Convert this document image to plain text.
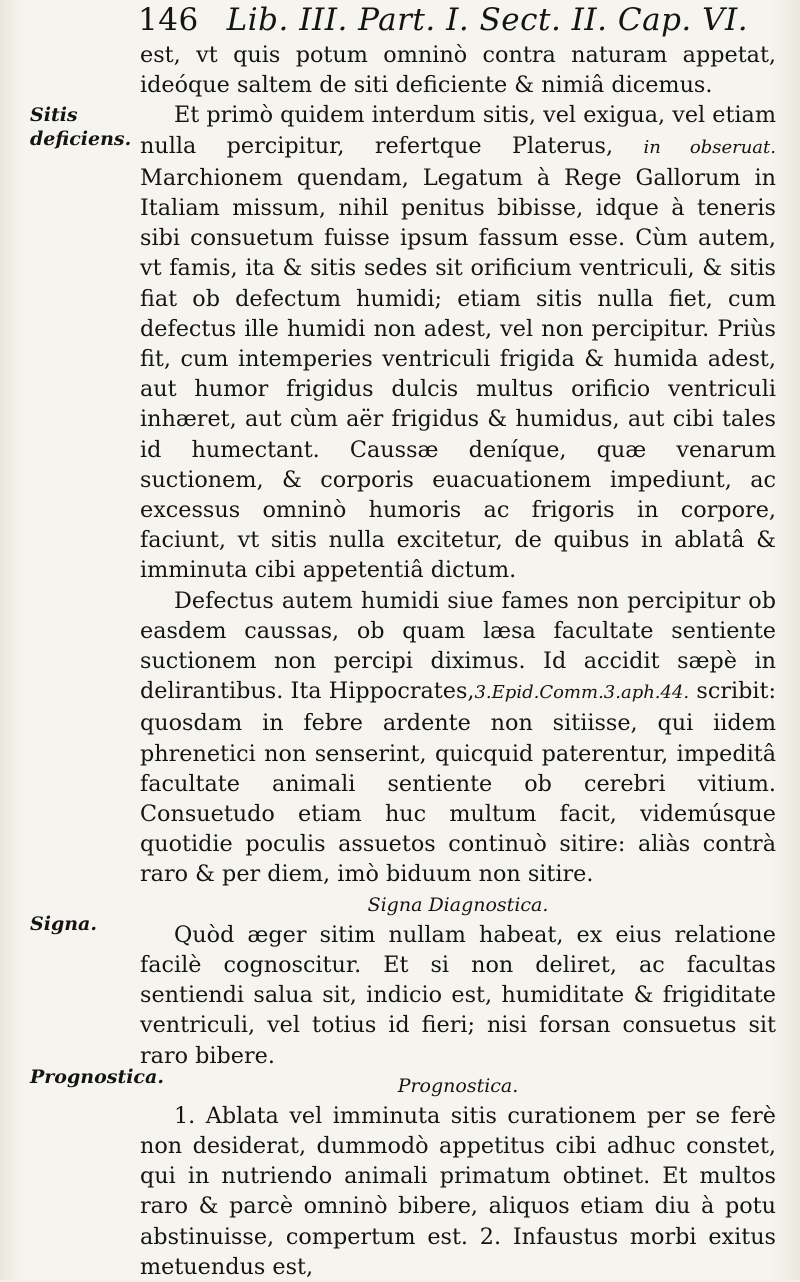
146 Lib. III. Part. I. Sect. II. Cap. VI.
Sitis deficiens.
Signa.
Prognostica.

est, vt quis potum omninò contra naturam appetat, ideóque saltem de siti deficiente & nimiâ dicemus.

Et primò quidem interdum sitis, vel exigua, vel etiam nulla percipitur, refertque Platerus, in obseruat. Marchionem quendam, Legatum à Rege Gallorum in Italiam missum, nihil penitus bibisse, idque à teneris sibi consuetum fuisse ipsum fassum esse. Cùm autem, vt famis, ita & sitis sedes sit orificium ventriculi, & sitis fiat ob defectum humidi; etiam sitis nulla fiet, cum defectus ille humidi non adest, vel non percipitur. Priùs fit, cum intemperies ventriculi frigida & humida adest, aut humor frigidus dulcis multus orificio ventriculi inhæret, aut cùm aër frigidus & humidus, aut cibi tales id humectant. Caussæ deníque, quæ venarum suctionem, & corporis euacuationem impediunt, ac excessus omninò humoris ac frigoris in corpore, faciunt, vt sitis nulla excitetur, de quibus in ablatâ & imminuta cibi appetentiâ dictum.

Defectus autem humidi siue fames non percipitur ob easdem caussas, ob quam læsa facultate sentiente suctionem non percipi diximus. Id accidit sæpè in delirantibus. Ita Hippocrates,3.Epid.Comm.3.aph.44. scribit: quosdam in febre ardente non sitiisse, qui iidem phrenetici non senserint, quicquid paterentur, impeditâ facultate animali sentiente ob cerebri vitium. Consuetudo etiam huc multum facit, videmúsque quotidie poculis assuetos continuò sitire: aliàs contrà raro & per diem, imò biduum non sitire.

Signa Diagnostica.

Quòd æger sitim nullam habeat, ex eius relatione facilè cognoscitur. Et si non deliret, ac facultas sentiendi salua sit, indicio est, humiditate & frigiditate ventriculi, vel totius id fieri; nisi forsan consuetus sit raro bibere.

Prognostica.

1. Ablata vel imminuta sitis curationem per se ferè non desiderat, dummodò appetitus cibi adhuc constet, qui in nutriendo animali primatum obtinet. Et multos raro & parcè omninò bibere, aliquos etiam diu à potu abstinuisse, compertum est. 2. Infaustus morbi exitus metuendus est,
